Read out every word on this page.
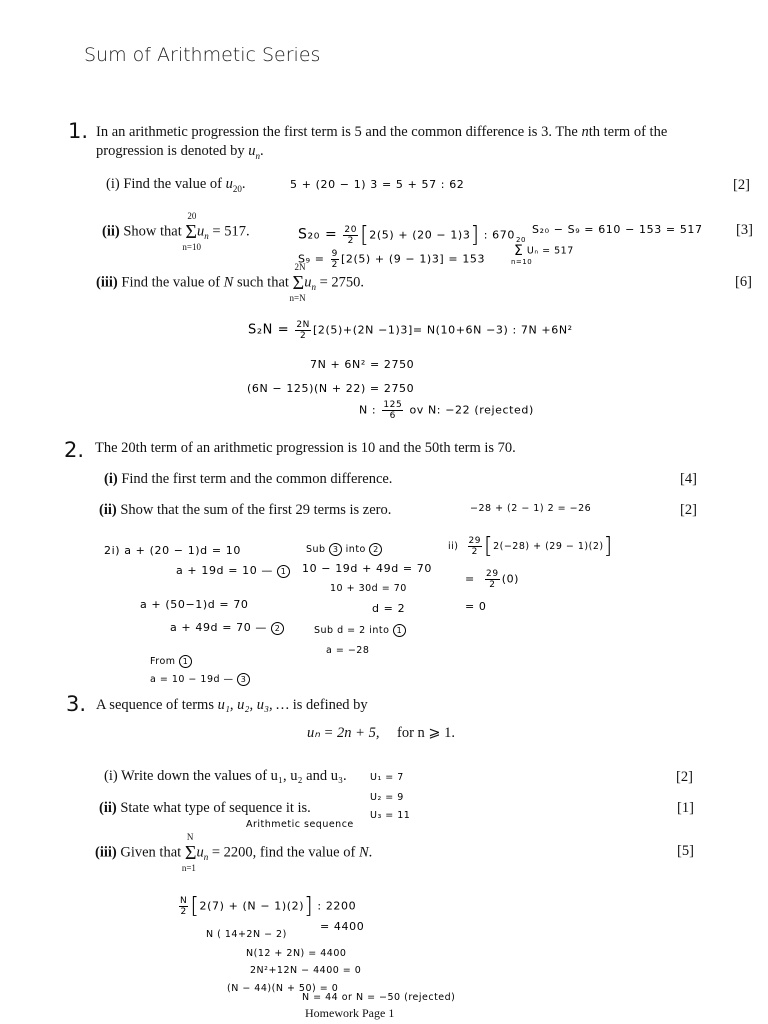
Sum of Arithmetic Series
1. In an arithmetic progression the first term is 5 and the common difference is 3. The nth term of the
progression is denoted by $u_n$.
(i) Find the value of $u_{20}$.	5 + (20 − 1) 3 = 5 + 57 : 62	[2]
(ii) Show that Σ
20
n=10
$u_n = 517$.	$S_{20} = \frac{20}{2} [2(5) + (20 - 1)3]$ : 670 S₂₀ − S₉ = 610 − 153 = 517
$S_9 = \frac{9}{2} [2(5) + (9 - 1)3] = 153$ Σ
20
n=10
Uₙ = 517
[3]
(iii) Find the value of N such that Σ
2N
n=N
$u_n = 2750$.	[6]
$S_2N = \frac{2N}{2} [2(5)+(2N -1)3]= N(10+6N -3)$ : 7N +6N²
7N + 6N² = 2750
(6N − 125)(N + 22) = 2750
N : $\frac{125}{6}$ ov N: −22 (rejected)
2. The 20th term of an arithmetic progression is 10 and the 50th term is 70.
(i) Find the first term and the common difference.	[4]
(ii) Show that the sum of the first 29 terms is zero.	−28 + (2 − 1) 2 = −26	[2]
2i) a + (20 − 1)d = 10
a + 19d = 10 — 1
a + (50−1)d = 70
a + 49d = 70 — 2
From 1
a = 10 − 19d — 3
Sub 3 into 2
10 − 19d + 49d = 70
10 + 30d = 70
d = 2
Sub d = 2 into 1
a = −28
$ii) \frac{29}{2} [2(-28) + (29 - 1)(2)]$
= $\frac{29}{2} (0)$
= 0
3. A sequence of terms u₁, u₂, u₃, … is defined by
uₙ = 2n + 5, for n ⩾ 1.
(i) Write down the values of u₁, u₂ and u₃. U₁ = 7
U₂ = 9
U₃ = 11
[2]
(ii) State what type of sequence it is.
Arithmetic sequence
[1]
(iii) Given that Σ
N
n=1
$u_n = 2200$, find the value of N.	[5]
$\frac{N}{2} [2(7) + (N - 1)(2)]$ : 2200
N ( 14+2N − 2)
= 4400
N(12 + 2N) = 4400
2N²+12N − 4400 = 0
(N − 44)(N + 50) = 0
N = 44 or N = −50 (rejected)
Homework Page 1
